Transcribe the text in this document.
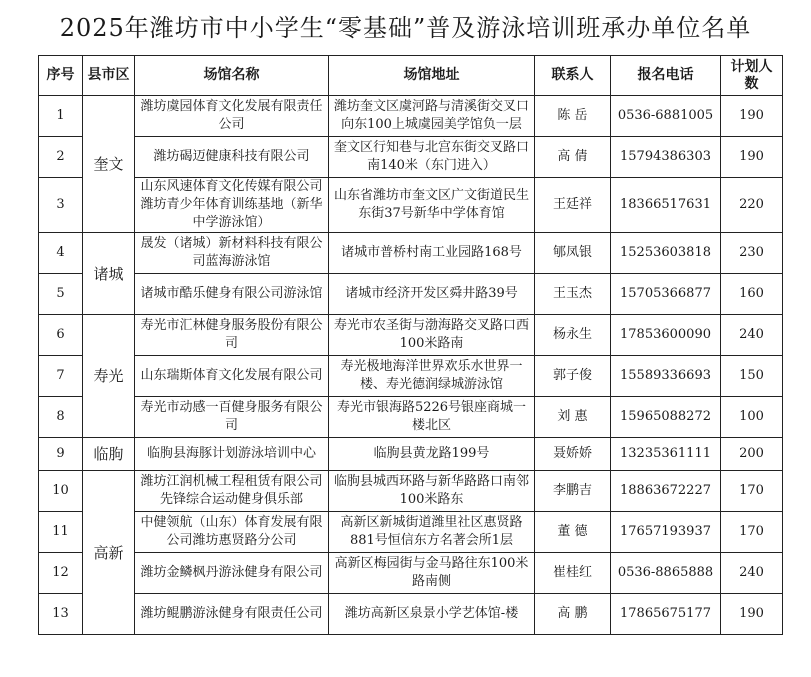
2025年潍坊市中小学生“零基础”普及游泳培训班承办单位名单
序号	县市区	场馆名称	场馆地址	联系人	报名电话	计划人数
1	奎文	潍坊虞园体育文化发展有限责任公司	潍坊奎文区虞河路与清溪街交叉口向东100上城虞园美学馆负一层	陈 岳	0536-6881005	190
2		潍坊碣迈健康科技有限公司	奎文区行知巷与北宫东街交叉路口南140米（东门进入）	高 倩	15794386303	190
3		山东风速体育文化传媒有限公司潍坊青少年体育训练基地（新华中学游泳馆）	山东省潍坊市奎文区广文街道民生东街37号新华中学体育馆	王廷祥	18366517631	220
4	诸城	晟发（诸城）新材料科技有限公司蓝海游泳馆	诸城市普桥村南工业园路168号	郇凤银	15253603818	230
5		诸城市酷乐健身有限公司游泳馆	诸城市经济开发区舜井路39号	王玉杰	15705366877	160
6	寿光	寿光市汇林健身服务股份有限公司	寿光市农圣街与渤海路交叉路口西100米路南	杨永生	17853600090	240
7		山东瑞斯体育文化发展有限公司	寿光极地海洋世界欢乐水世界一楼、寿光德润绿城游泳馆	郭子俊	15589336693	150
8		寿光市动感一百健身服务有限公司	寿光市银海路5226号银座商城一楼北区	刘 惠	15965088272	100
9	临朐	临朐县海豚计划游泳培训中心	临朐县黄龙路199号	聂娇娇	13235361111	200
10	高新	潍坊江润机械工程租赁有限公司先锋综合运动健身俱乐部	临朐县城西环路与新华路路口南邻100米路东	李鹏吉	18863672227	170
11		中健领航（山东）体育发展有限公司潍坊惠贤路分公司	高新区新城街道潍里社区惠贤路881号恒信东方名著会所1层	董 德	17657193937	170
12		潍坊金鳞枫丹游泳健身有限公司	高新区梅园街与金马路往东100米路南侧	崔桂红	0536-8865888	240
13		潍坊鲲鹏游泳健身有限责任公司	潍坊高新区泉景小学艺体馆-楼	高 鹏	17865675177	190
